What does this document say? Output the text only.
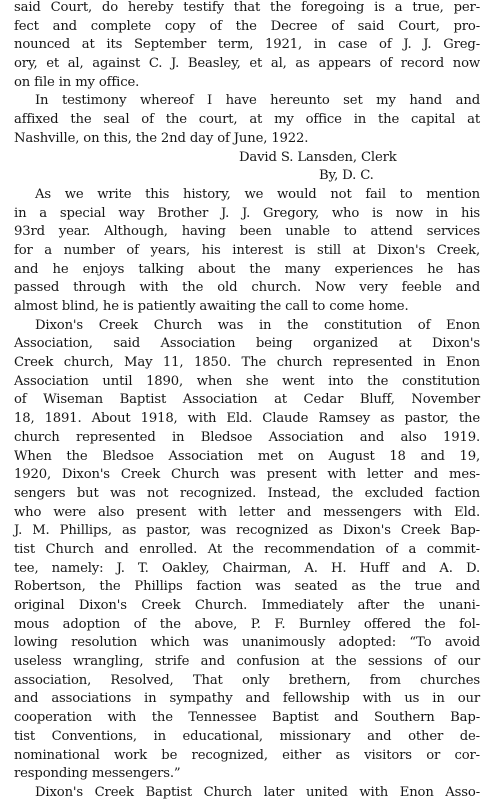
said Court, do hereby testify that the foregoing is a true, per-
fect and complete copy of the Decree of said Court, pro-
nounced at its September term, 1921, in case of J. J. Greg-
ory, et al, against C. J. Beasley, et al, as appears of record now
on file in my office.
In testimony whereof I have hereunto set my hand and
affixed the seal of the court, at my office in the capital at
Nashville, on this, the 2nd day of June, 1922.
David S. Lansden, Clerk
By, D. C.
As we write this history, we would not fail to mention
in a special way Brother J. J. Gregory, who is now in his
93rd year. Although, having been unable to attend services
for a number of years, his interest is still at Dixon's Creek,
and he enjoys talking about the many experiences he has
passed through with the old church. Now very feeble and
almost blind, he is patiently awaiting the call to come home.
Dixon's Creek Church was in the constitution of Enon
Association, said Association being organized at Dixon's
Creek church, May 11, 1850. The church represented in Enon
Association until 1890, when she went into the constitution
of Wiseman Baptist Association at Cedar Bluff, November
18, 1891. About 1918, with Eld. Claude Ramsey as pastor, the
church represented in Bledsoe Association and also 1919.
When the Bledsoe Association met on August 18 and 19,
1920, Dixon's Creek Church was present with letter and mes-
sengers but was not recognized. Instead, the excluded faction
who were also present with letter and messengers with Eld.
J. M. Phillips, as pastor, was recognized as Dixon's Creek Bap-
tist Church and enrolled. At the recommendation of a commit-
tee, namely: J. T. Oakley, Chairman, A. H. Huff and A. D.
Robertson, the Phillips faction was seated as the true and
original Dixon's Creek Church. Immediately after the unani-
mous adoption of the above, P. F. Burnley offered the fol-
lowing resolution which was unanimously adopted: “To avoid
useless wrangling, strife and confusion at the sessions of our
association, Resolved, That only brethern, from churches
and associations in sympathy and fellowship with us in our
cooperation with the Tennessee Baptist and Southern Bap-
tist Conventions, in educational, missionary and other de-
nominational work be recognized, either as visitors or cor-
responding messengers.”
Dixon's Creek Baptist Church later united with Enon Asso-
